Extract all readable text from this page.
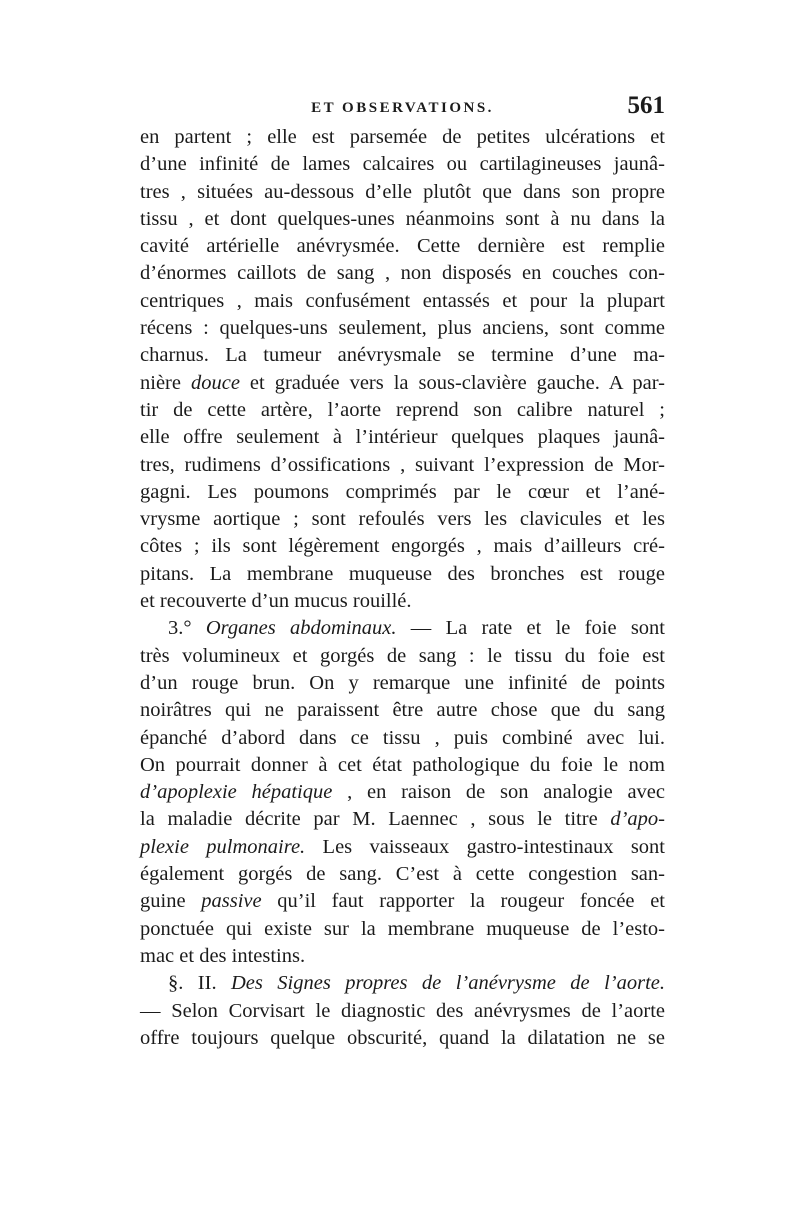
ET OBSERVATIONS.	561
en partent ; elle est parsemée de petites ulcérations et
d’une infinité de lames calcaires ou cartilagineuses jaunâ-
tres , situées au-dessous d’elle plutôt que dans son propre
tissu , et dont quelques-unes néanmoins sont à nu dans la
cavité artérielle anévrysmée. Cette dernière est remplie
d’énormes caillots de sang , non disposés en couches con-
centriques , mais confusément entassés et pour la plupart
récens : quelques-uns seulement, plus anciens, sont comme
charnus. La tumeur anévrysmale se termine d’une ma-
nière douce et graduée vers la sous-clavière gauche. A par-
tir de cette artère, l’aorte reprend son calibre naturel ;
elle offre seulement à l’intérieur quelques plaques jaunâ-
tres, rudimens d’ossifications , suivant l’expression de Mor-
gagni. Les poumons comprimés par le cœur et l’ané-
vrysme aortique ; sont refoulés vers les clavicules et les
côtes ; ils sont légèrement engorgés , mais d’ailleurs cré-
pitans. La membrane muqueuse des bronches est rouge
et recouverte d’un mucus rouillé.
3.° Organes abdominaux. — La rate et le foie sont
très volumineux et gorgés de sang : le tissu du foie est
d’un rouge brun. On y remarque une infinité de points
noirâtres qui ne paraissent être autre chose que du sang
épanché d’abord dans ce tissu , puis combiné avec lui.
On pourrait donner à cet état pathologique du foie le nom
d’apoplexie hépatique , en raison de son analogie avec
la maladie décrite par M. Laennec , sous le titre d’apo-
plexie pulmonaire. Les vaisseaux gastro-intestinaux sont
également gorgés de sang. C’est à cette congestion san-
guine passive qu’il faut rapporter la rougeur foncée et
ponctuée qui existe sur la membrane muqueuse de l’esto-
mac et des intestins.
§. II. Des Signes propres de l’anévrysme de l’aorte.
— Selon Corvisart le diagnostic des anévrysmes de l’aorte
offre toujours quelque obscurité, quand la dilatation ne se
